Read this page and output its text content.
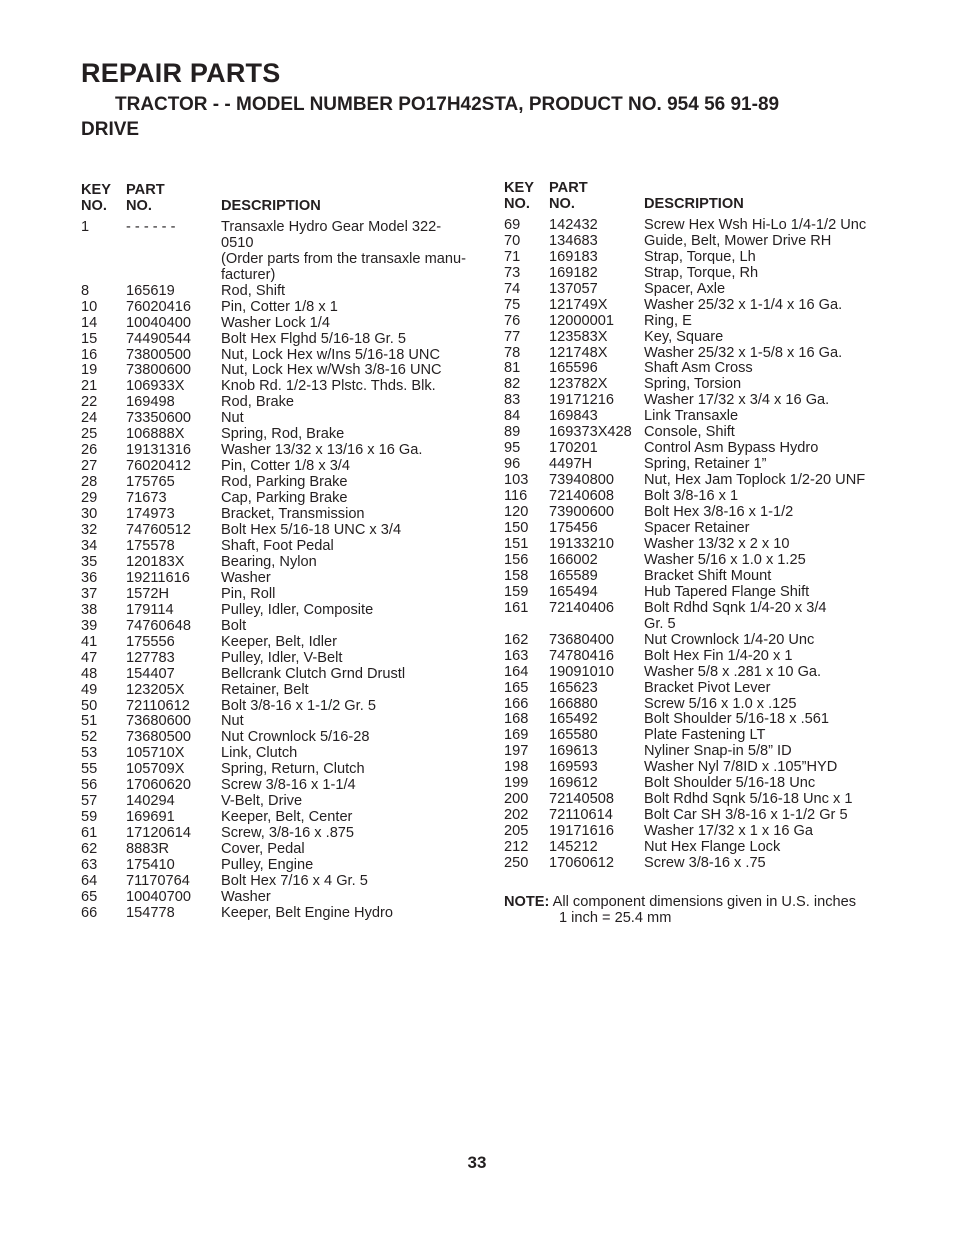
REPAIR PARTS
TRACTOR - - MODEL NUMBER PO17H42STA, PRODUCT NO. 954 56 91-89
DRIVE
KEY
NO.
PART
NO.	DESCRIPTION
1	- - - - - -	Transaxle Hydro Gear Model 322-
0510
(Order parts from the transaxle manu-
facturer)
8	165619	Rod, Shift
10	76020416	Pin, Cotter 1/8 x 1
14	10040400	Washer Lock 1/4
15	74490544	Bolt Hex Flghd 5/16-18 Gr. 5
16	73800500	Nut, Lock Hex w/Ins 5/16-18 UNC
19	73800600	Nut, Lock Hex w/Wsh 3/8-16 UNC
21	106933X	Knob Rd. 1/2-13 Plstc. Thds. Blk.
22	169498	Rod, Brake
24	73350600	Nut
25	106888X	Spring, Rod, Brake
26	19131316	Washer 13/32 x 13/16 x 16 Ga.
27	76020412	Pin, Cotter 1/8 x 3/4
28	175765	Rod, Parking Brake
29	71673	Cap, Parking Brake
30	174973	Bracket, Transmission
32	74760512	Bolt Hex 5/16-18 UNC x 3/4
34	175578	Shaft, Foot Pedal
35	120183X	Bearing, Nylon
36	19211616	Washer
37	1572H	Pin, Roll
38	179114	Pulley, Idler, Composite
39	74760648	Bolt
41	175556	Keeper, Belt, Idler
47	127783	Pulley, Idler, V-Belt
48	154407	Bellcrank Clutch Grnd Drustl
49	123205X	Retainer, Belt
50	72110612	Bolt 3/8-16 x 1-1/2 Gr. 5
51	73680600	Nut
52	73680500	Nut Crownlock 5/16-28
53	105710X	Link, Clutch
55	105709X	Spring, Return, Clutch
56	17060620	Screw 3/8-16 x 1-1/4
57	140294	V-Belt, Drive
59	169691	Keeper, Belt, Center
61	17120614	Screw, 3/8-16 x .875
62	8883R	Cover, Pedal
63	175410	Pulley, Engine
64	71170764	Bolt Hex 7/16 x 4 Gr. 5
65	10040700	Washer
66	154778	Keeper, Belt Engine Hydro
KEY
NO.
PART
NO.	DESCRIPTION
69	142432	Screw Hex Wsh Hi-Lo 1/4-1/2 Unc
70	134683	Guide, Belt, Mower Drive RH
71	169183	Strap, Torque, Lh
73	169182	Strap, Torque, Rh
74	137057	Spacer, Axle
75	121749X	Washer 25/32 x 1-1/4 x 16 Ga.
76	12000001	Ring, E
77	123583X	Key, Square
78	121748X	Washer 25/32 x 1-5/8 x 16 Ga.
81	165596	Shaft Asm Cross
82	123782X	Spring, Torsion
83	19171216	Washer 17/32 x 3/4 x 16 Ga.
84	169843	Link Transaxle
89	169373X428 Console, Shift
95	170201	Control Asm Bypass Hydro
96	4497H	Spring, Retainer 1”
103	73940800	Nut, Hex Jam Toplock 1/2-20 UNF
116	72140608	Bolt 3/8-16 x 1
120	73900600	Bolt Hex 3/8-16 x 1-1/2
150	175456	Spacer Retainer
151	19133210	Washer 13/32 x 2 x 10
156	166002	Washer 5/16 x 1.0 x 1.25
158	165589	Bracket Shift Mount
159	165494	Hub Tapered Flange Shift
161	72140406	Bolt Rdhd Sqnk 1/4-20 x 3/4
Gr. 5
162	73680400	Nut Crownlock 1/4-20 Unc
163	74780416	Bolt Hex Fin 1/4-20 x 1
164	19091010	Washer 5/8 x .281 x 10 Ga.
165	165623	Bracket Pivot Lever
166	166880	Screw 5/16 x 1.0 x .125
168	165492	Bolt Shoulder 5/16-18 x .561
169	165580	Plate Fastening LT
197	169613	Nyliner Snap-in 5/8” ID
198	169593	Washer Nyl 7/8ID x .105”HYD
199	169612	Bolt Shoulder 5/16-18 Unc
200	72140508	Bolt Rdhd Sqnk 5/16-18 Unc x 1
202	72110614	Bolt Car SH 3/8-16 x 1-1/2 Gr 5
205	19171616	Washer 17/32 x 1 x 16 Ga
212	145212	Nut Hex Flange Lock
250	17060612	Screw 3/8-16 x .75
NOTE: All component dimensions given in U.S. inches
1 inch = 25.4 mm
33
